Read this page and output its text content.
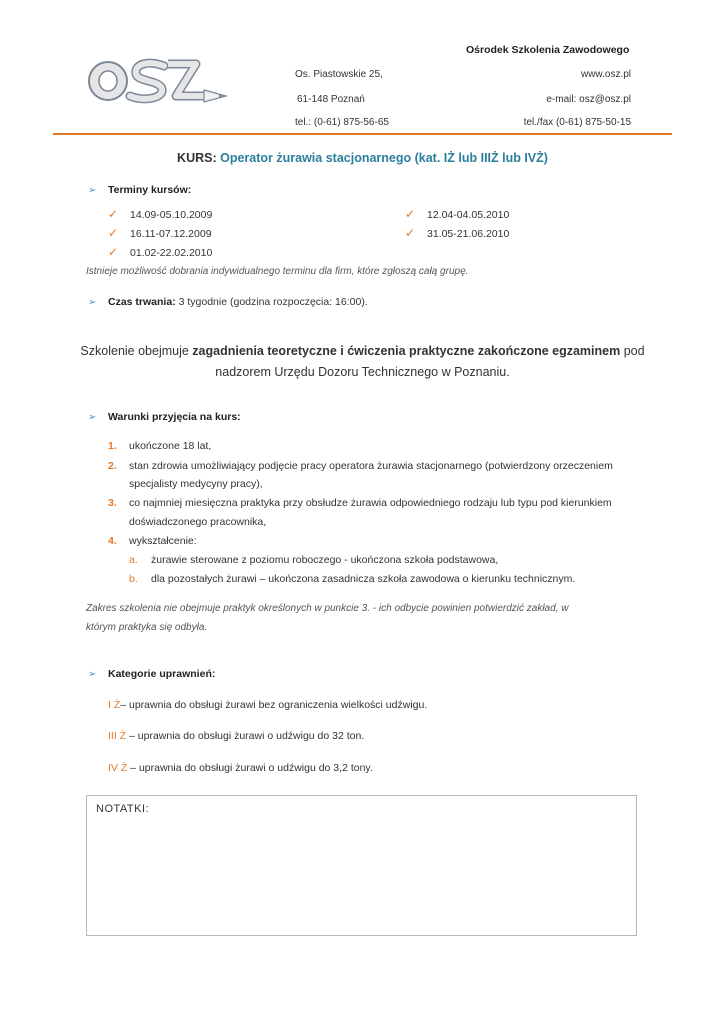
Ośrodek Szkolenia Zawodowego
Os. Piastowskie 25,
61-148 Poznań
tel.: (0-61) 875-56-65
www.osz.pl
e-mail: osz@osz.pl
tel./fax (0-61) 875-50-15
KURS: Operator żurawia stacjonarnego (kat. IŻ lub IIIŻ lub IVŻ)
➢ Terminy kursów:
✓ 14.09-05.10.2009
✓ 16.11-07.12.2009
✓ 01.02-22.02.2010
✓ 12.04-04.05.2010
✓ 31.05-21.06.2010
Istnieje możliwość dobrania indywidualnego terminu dla firm, które zgłoszą całą grupę.
➢ Czas trwania: 3 tygodnie (godzina rozpoczęcia: 16:00).
Szkolenie obejmuje zagadnienia teoretyczne i ćwiczenia praktyczne zakończone egzaminem pod
nadzorem Urzędu Dozoru Technicznego w Poznaniu.
➢ Warunki przyjęcia na kurs:
1. ukończone 18 lat,
2. stan zdrowia umożliwiający podjęcie pracy operatora żurawia stacjonarnego (potwierdzony orzeczeniem
specjalisty medycyny pracy),
3. co najmniej miesięczna praktyka przy obsłudze żurawia odpowiedniego rodzaju lub typu pod kierunkiem
doświadczonego pracownika,
4. wykształcenie:
a. żurawie sterowane z poziomu roboczego - ukończona szkoła podstawowa,
b. dla pozostałych żurawi – ukończona zasadnicza szkoła zawodowa o kierunku technicznym.
Zakres szkolenia nie obejmuje praktyk określonych w punkcie 3. - ich odbycie powinien potwierdzić zakład, w
którym praktyka się odbyła.
➢ Kategorie uprawnień:
I Ż– uprawnia do obsługi żurawi bez ograniczenia wielkości udźwigu.
III Ż – uprawnia do obsługi żurawi o udźwigu do 32 ton.
IV Ż – uprawnia do obsługi żurawi o udźwigu do 3,2 tony.
NOTATKI:
